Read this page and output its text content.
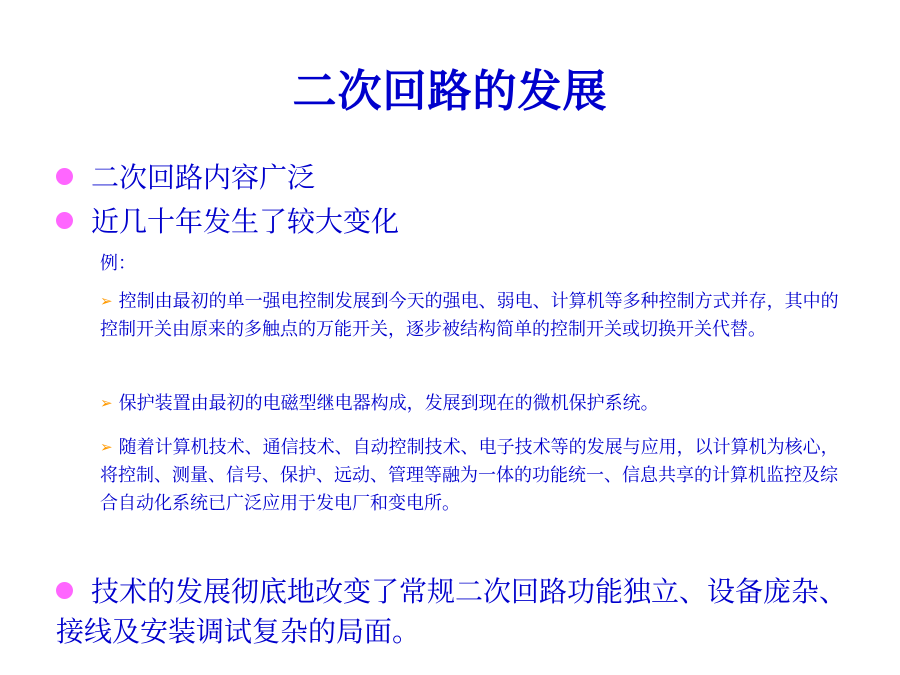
二次回路的发展
二次回路内容广泛
近几十年发生了较大变化
例：
➢ 控制由最初的单一强电控制发展到今天的强电、弱电、计算机等多种控制方式并存，其中的控制开关由原来的多触点的万能开关，逐步被结构简单的控制开关或切换开关代替。
➢ 保护装置由最初的电磁型继电器构成，发展到现在的微机保护系统。
➢ 随着计算机技术、通信技术、自动控制技术、电子技术等的发展与应用，以计算机为核心，将控制、测量、信号、保护、远动、管理等融为一体的功能统一、信息共享的计算机监控及综合自动化系统已广泛应用于发电厂和变电所。
技术的发展彻底地改变了常规二次回路功能独立、设备庞杂、接线及安装调试复杂的局面。
